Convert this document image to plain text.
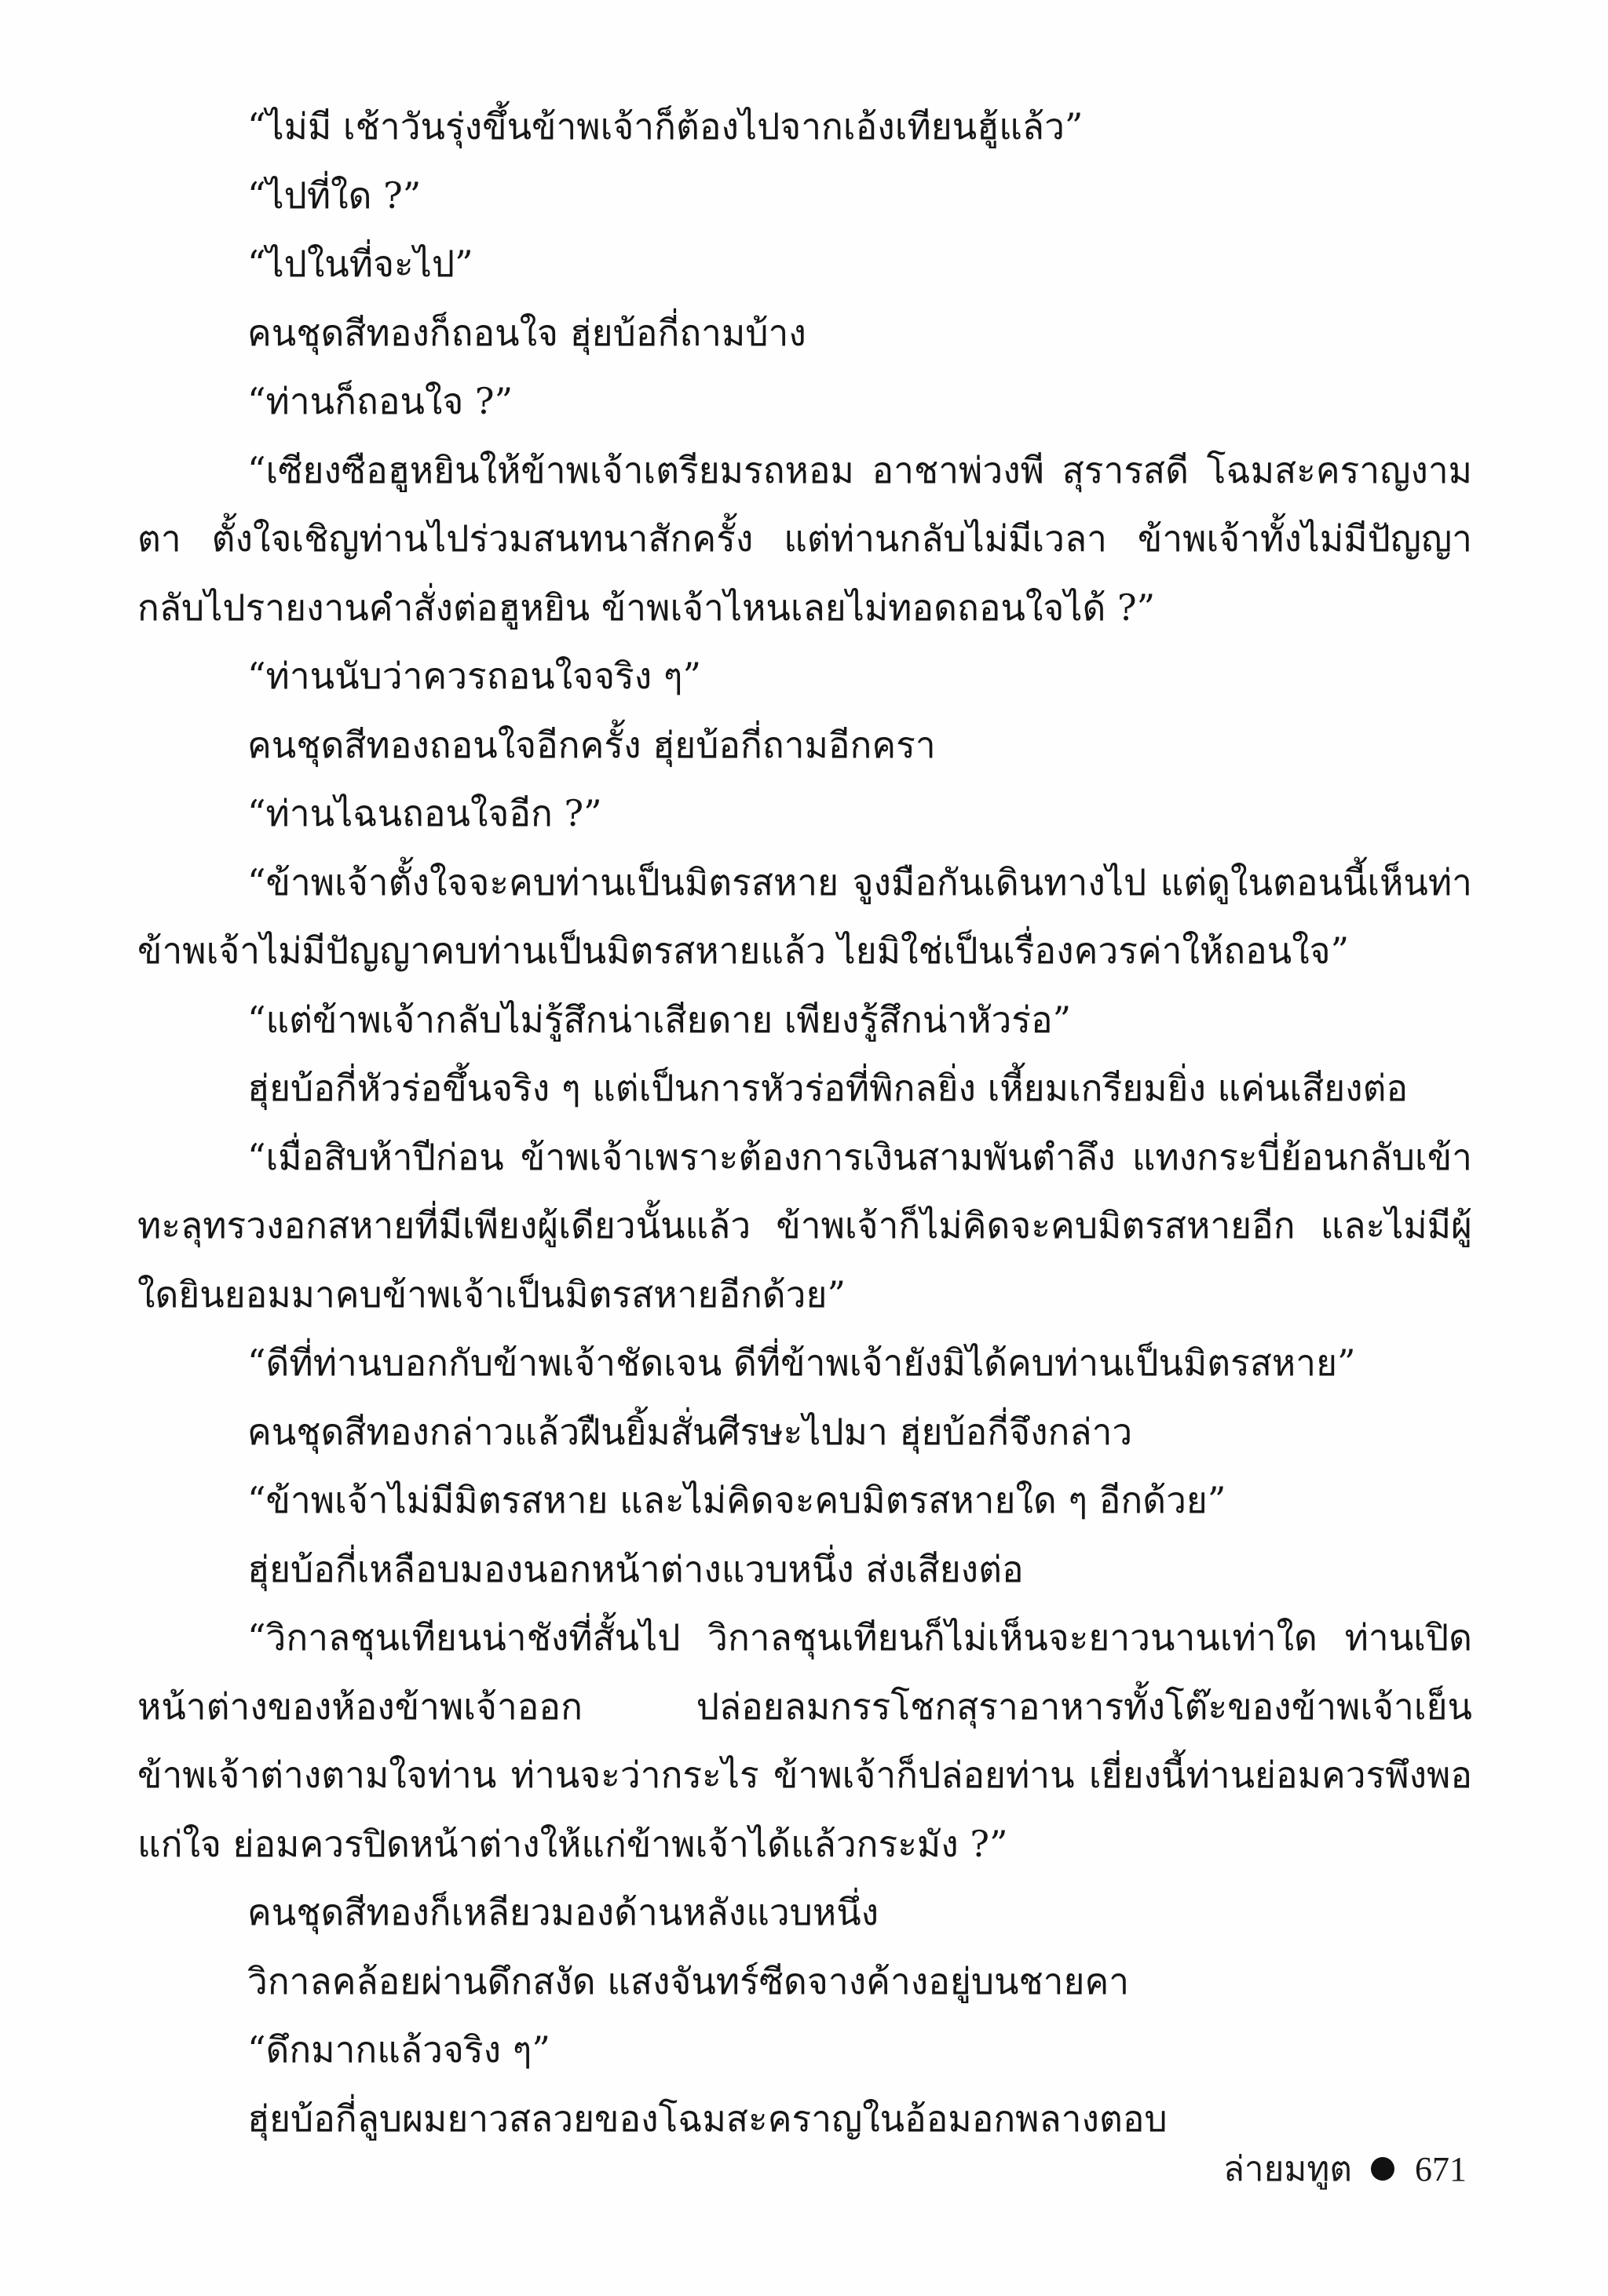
“ไม่มี เช้าวันรุ่งขึ้นข้าพเจ้าก็ต้องไปจากเอ้งเทียนฮู้แล้ว”

“ไปที่ใด ?”

“ไปในที่จะไป”

คนชุดสีทองก็ถอนใจ ฮุ่ยบ้อกี่ถามบ้าง

“ท่านก็ถอนใจ ?”

“เซียงซือฮูหยินให้ข้าพเจ้าเตรียมรถหอม อาชาพ่วงพี สุรารสดี โฉมสะคราญงามตา ตั้งใจเชิญท่านไปร่วมสนทนาสักครั้ง แต่ท่านกลับไม่มีเวลา ข้าพเจ้าทั้งไม่มีปัญญากลับไปรายงานคำสั่งต่อฮูหยิน ข้าพเจ้าไหนเลยไม่ทอดถอนใจได้ ?”

“ท่านนับว่าควรถอนใจจริง ๆ”

คนชุดสีทองถอนใจอีกครั้ง ฮุ่ยบ้อกี่ถามอีกครา

“ท่านไฉนถอนใจอีก ?”

“ข้าพเจ้าตั้งใจจะคบท่านเป็นมิตรสหาย จูงมือกันเดินทางไป แต่ดูในตอนนี้เห็นท่าข้าพเจ้าไม่มีปัญญาคบท่านเป็นมิตรสหายแล้ว ไยมิใช่เป็นเรื่องควรค่าให้ถอนใจ”

“แต่ข้าพเจ้ากลับไม่รู้สึกน่าเสียดาย เพียงรู้สึกน่าหัวร่อ”

ฮุ่ยบ้อกี่หัวร่อขึ้นจริง ๆ แต่เป็นการหัวร่อที่พิกลยิ่ง เหี้ยมเกรียมยิ่ง แค่นเสียงต่อ

“เมื่อสิบห้าปีก่อน ข้าพเจ้าเพราะต้องการเงินสามพันตำลึง แทงกระบี่ย้อนกลับเข้าทะลุทรวงอกสหายที่มีเพียงผู้เดียวนั้นแล้ว ข้าพเจ้าก็ไม่คิดจะคบมิตรสหายอีก และไม่มีผู้ใดยินยอมมาคบข้าพเจ้าเป็นมิตรสหายอีกด้วย”

“ดีที่ท่านบอกกับข้าพเจ้าชัดเจน ดีที่ข้าพเจ้ายังมิได้คบท่านเป็นมิตรสหาย”

คนชุดสีทองกล่าวแล้วฝืนยิ้มสั่นศีรษะไปมา ฮุ่ยบ้อกี่จึงกล่าว

“ข้าพเจ้าไม่มีมิตรสหาย และไม่คิดจะคบมิตรสหายใด ๆ อีกด้วย”

ฮุ่ยบ้อกี่เหลือบมองนอกหน้าต่างแวบหนึ่ง ส่งเสียงต่อ

“วิกาลชุนเทียนน่าชังที่สั้นไป วิกาลชุนเทียนก็ไม่เห็นจะยาวนานเท่าใด ท่านเปิดหน้าต่างของห้องข้าพเจ้าออก ปล่อยลมกรรโชกสุราอาหารทั้งโต๊ะของข้าพเจ้าเย็นข้าพเจ้าต่างตามใจท่าน ท่านจะว่ากระไร ข้าพเจ้าก็ปล่อยท่าน เยี่ยงนี้ท่านย่อมควรพึงพอแก่ใจ ย่อมควรปิดหน้าต่างให้แก่ข้าพเจ้าได้แล้วกระมัง ?”

คนชุดสีทองก็เหลียวมองด้านหลังแวบหนึ่ง

วิกาลคล้อยผ่านดึกสงัด แสงจันทร์ซีดจางค้างอยู่บนชายคา

“ดึกมากแล้วจริง ๆ”

ฮุ่ยบ้อกี่ลูบผมยาวสลวยของโฉมสะคราญในอ้อมอกพลางตอบ

ล่ายมทูต 671
